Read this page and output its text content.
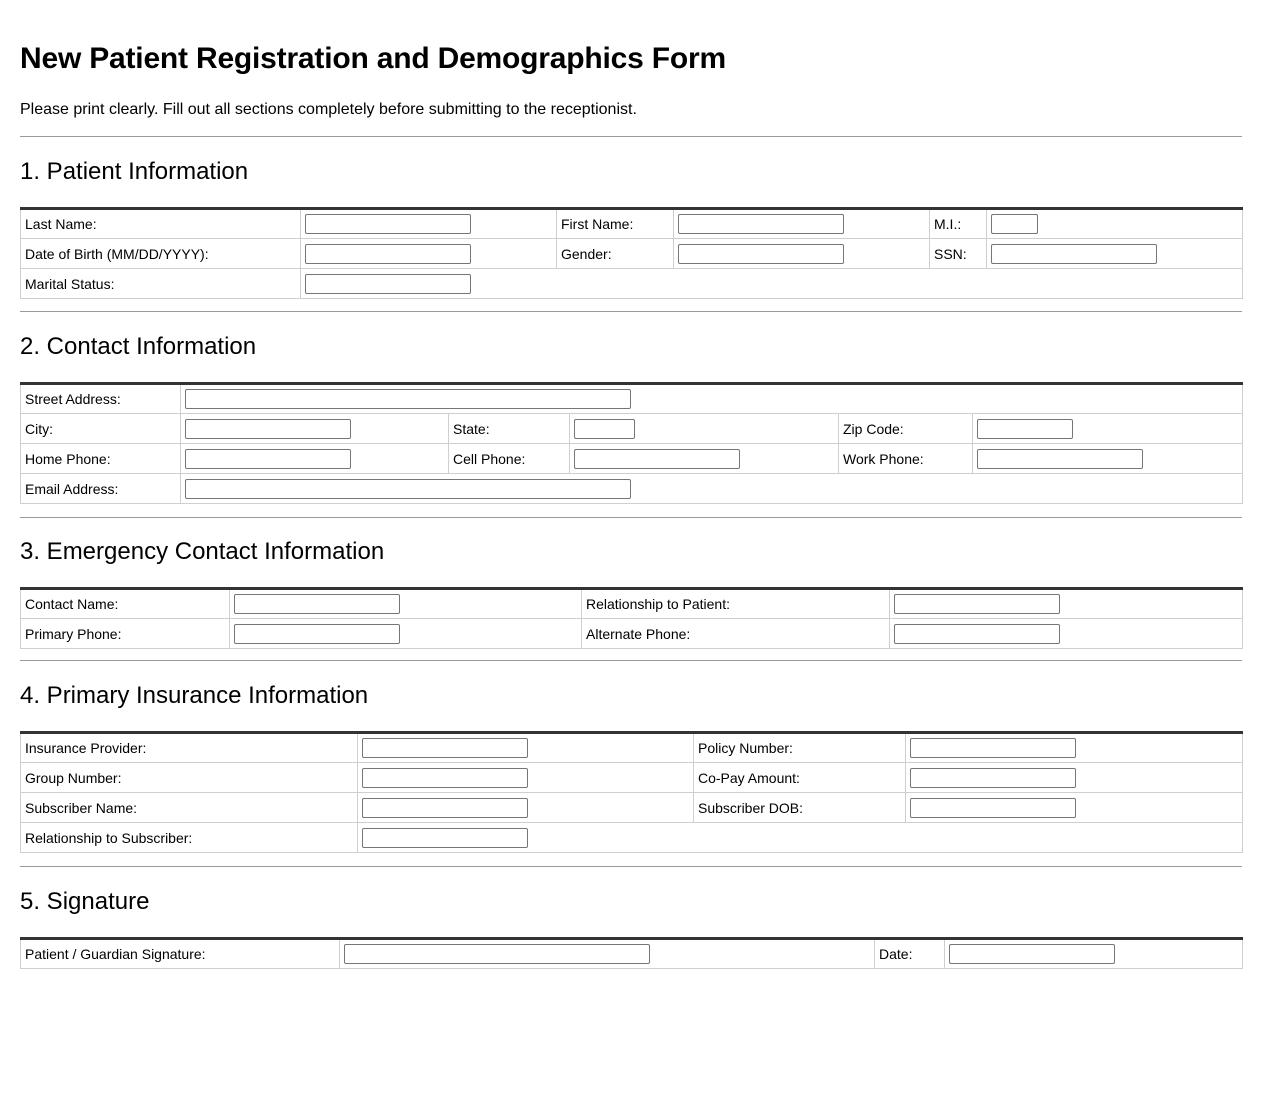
New Patient Registration and Demographics Form

Please print clearly. Fill out all sections completely before submitting to the receptionist.

1. Patient Information
Last Name:		First Name:		M.I.:	

Date of Birth (MM/DD/YYYY):		Gender:		SSN:	

Marital Status:					
2. Contact Information
Street Address:					

City:		State:		Zip Code:	

Home Phone:		Cell Phone:		Work Phone:	

Email Address:					
3. Emergency Contact Information
Contact Name:		Relationship to Patient:	

Primary Phone:		Alternate Phone:	
4. Primary Insurance Information
Insurance Provider:		Policy Number:	

Group Number:		Co-Pay Amount:	

Subscriber Name:		Subscriber DOB:	

Relationship to Subscriber:			
5. Signature
Patient / Guardian Signature:		Date:	
